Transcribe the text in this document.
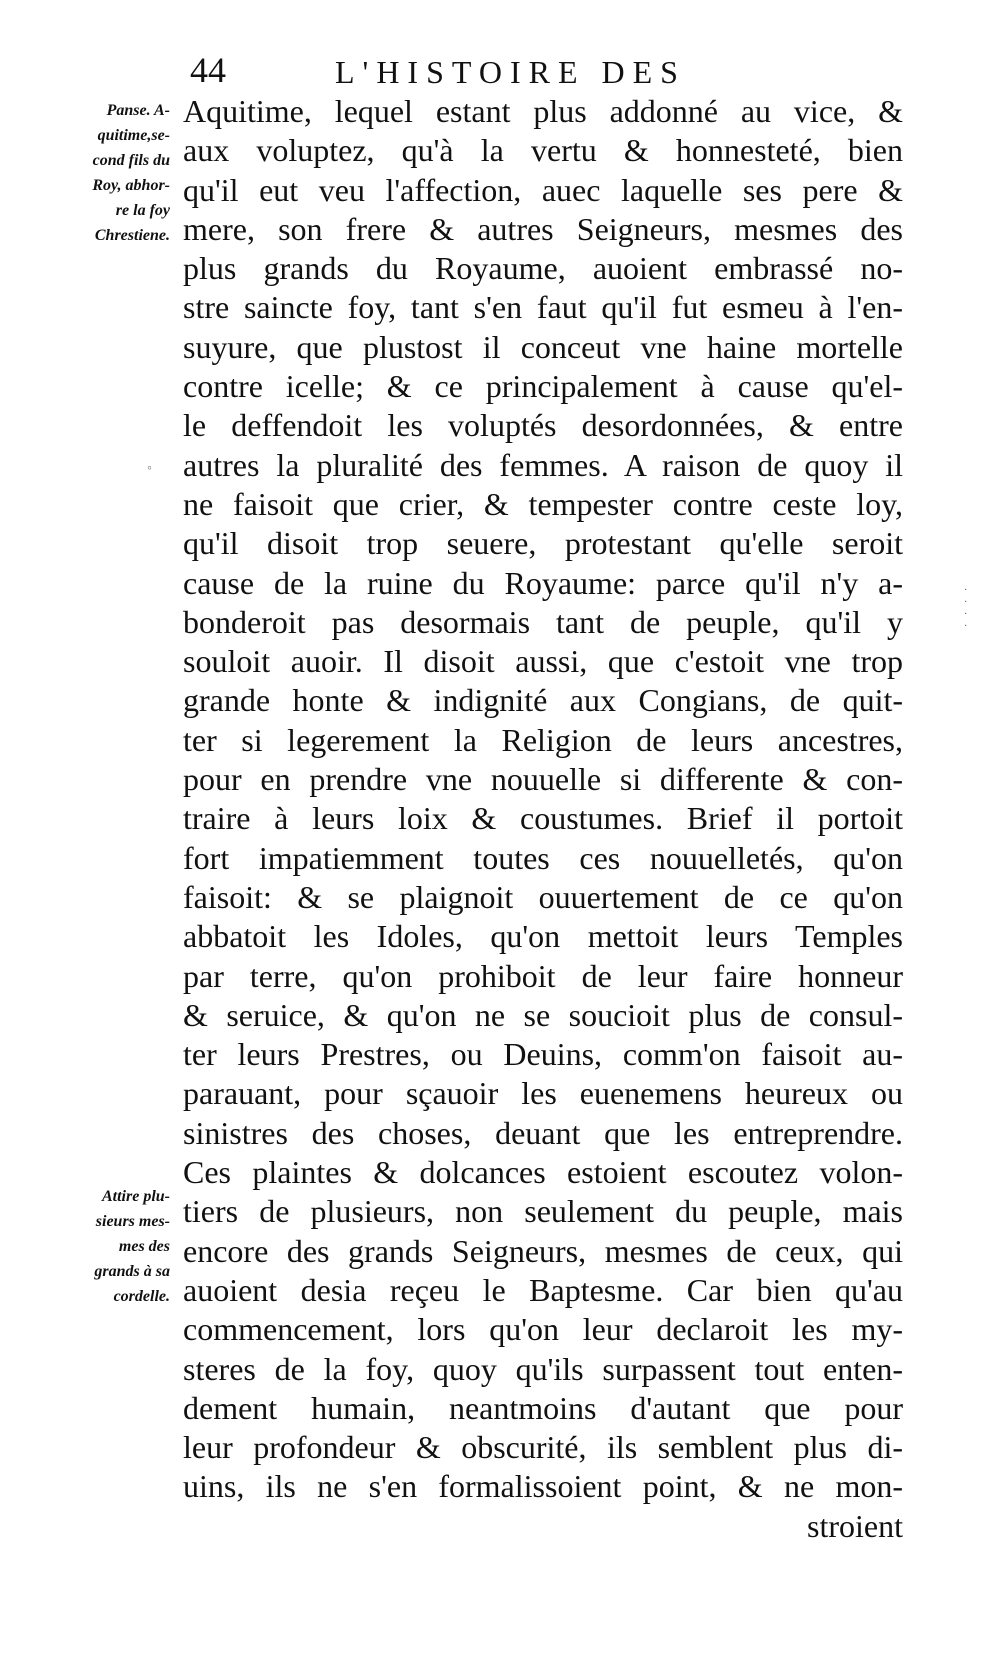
44	L'HISTOIRE DES
Panse. A-
quitime,se-
cond fils du
Roy, abhor-
re la foy
Chrestiene.
Attire plu-
sieurs mes-
mes des
grands à sa
cordelle.
◦
·
·
·
·
Aquitime, lequel estant plus addonné au vice, &
aux voluptez, qu'à la vertu & honnesteté, bien
qu'il eut veu l'affection, auec laquelle ses pere &
mere, son frere & autres Seigneurs, mesmes des
plus grands du Royaume, auoient embrassé no-
stre saincte foy, tant s'en faut qu'il fut esmeu à l'en-
suyure, que plustost il conceut vne haine mortelle
contre icelle; & ce principalement à cause qu'el-
le deffendoit les voluptés desordonnées, & entre
autres la pluralité des femmes. A raison de quoy il
ne faisoit que crier, & tempester contre ceste loy,
qu'il disoit trop seuere, protestant qu'elle seroit
cause de la ruine du Royaume: parce qu'il n'y a-
bonderoit pas desormais tant de peuple, qu'il y
souloit auoir. Il disoit aussi, que c'estoit vne trop
grande honte & indignité aux Congians, de quit-
ter si legerement la Religion de leurs ancestres,
pour en prendre vne nouuelle si differente & con-
traire à leurs loix & coustumes. Brief il portoit
fort impatiemment toutes ces nouuelletés, qu'on
faisoit: & se plaignoit ouuertement de ce qu'on
abbatoit les Idoles, qu'on mettoit leurs Temples
par terre, qu'on prohiboit de leur faire honneur
& seruice, & qu'on ne se soucioit plus de consul-
ter leurs Prestres, ou Deuins, comm'on faisoit au-
parauant, pour sçauoir les euenemens heureux ou
sinistres des choses, deuant que les entreprendre.
Ces plaintes & dolcances estoient escoutez volon-
tiers de plusieurs, non seulement du peuple, mais
encore des grands Seigneurs, mesmes de ceux, qui
auoient desia reçeu le Baptesme. Car bien qu'au
commencement, lors qu'on leur declaroit les my-
steres de la foy, quoy qu'ils surpassent tout enten-
dement humain, neantmoins d'autant que pour
leur profondeur & obscurité, ils semblent plus di-
uins, ils ne s'en formalissoient point, & ne mon-
stroient
